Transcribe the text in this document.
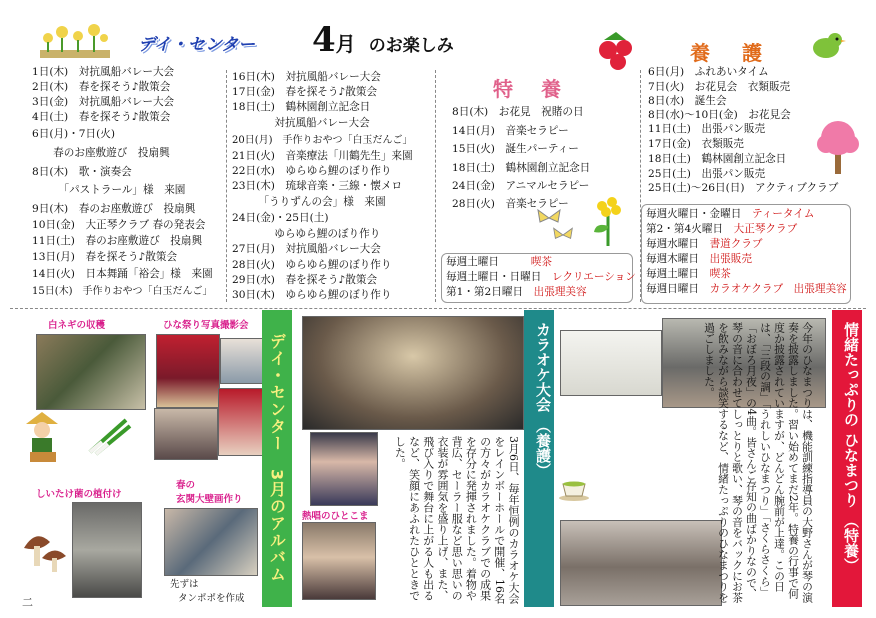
デイ・センター 4月 のお楽しみ	養　護
1日(木)　対抗風船バレー大会
2日(木)　春を探そう♪散策会
3日(金)　対抗風船バレー大会
4日(土)　春を探そう♪散策会
6日(月)・7日(火)
　　春のお座敷遊び　投扇興
8日(木)　歌・演奏会
　　　「パストラール」様　来園
9日(木)　春のお座敷遊び　投扇興
10日(金)　大正琴クラブ 春の発表会
11日(土)　春のお座敷遊び　投扇興
13日(月)　春を探そう♪散策会
14日(火)　日本舞踊「裕会」様　来園
15日(木)　手作りおやつ「白玉だんご」
16日(木)　対抗風船バレー大会
17日(金)　春を探そう♪散策会
18日(土)　鶴林園創立記念日
　　　　対抗風船バレー大会
20日(月)　手作りおやつ「白玉だんご」
21日(火)　音楽療法「川鶴先生」来園
22日(水)　ゆらゆら鯉のぼり作り
23日(木)　琉球音楽・三線・懐メロ
　　　「うりずんの会」様　来園
24日(金)・25日(土)
　　　　ゆらゆら鯉のぼり作り
27日(月)　対抗風船バレー大会
28日(火)　ゆらゆら鯉のぼり作り
29日(水)　春を探そう♪散策会
30日(木)　ゆらゆら鯉のぼり作り
特　養
8日(木)　お花見　祝賭の日
14日(月)　音楽セラピー
15日(火)　誕生パーティー
18日(土)　鶴林園創立記念日
24日(金)　アニマルセラピー
28日(火)　音楽セラピー
毎週土曜日　　　	喫茶
毎週土曜日・日曜日　 レクリエーション
第1・第2日曜日　 出張理美容
6日(月)　ふれあいタイム
7日(火)　お花見会　衣類販売
8日(水)　誕生会
8日(水)～10日(金)　お花見会
11日(土)　出張パン販売
17日(金)　衣類販売
18日(土)　鶴林園創立記念日
25日(土)　出張パン販売
25日(土)～26日(日)　アクティブクラブ
毎週火曜日・金曜日　 ティータイム
第2・第4火曜日　 大正琴クラブ
毎週水曜日　 書道クラブ
毎週木曜日　 出張販売
毎週土曜日　 喫茶
毎週日曜日　 カラオケクラブ　出張理美容
白ネギの収穫	ひな祭り写真撮影会
春の
玄関大壁画作り
しいたけ菌の植付け
先ずは
タンポポを作成
二
デイ・センター　3月のアルバム 熱唱のひとこま	3月6日、毎年恒例のカラオケ大会をレインボーホールで開催、16名の方々がカラオケクラブでの成果を存分に発揮されました。着物や背広、セーラー服など思い思いの衣装が雰囲気を盛り上げ、また、飛び入りで舞台に上がる人も出るなど、笑顔にあふれたひとときでした。
カラオケ大会（養護）	今年のひなまつりは、機能訓練指導員の大野さんが琴の演奏を披露しました。習い始めてまだ2年。特養の行事で何度か披露されていますが、どんどん腕前が上達。この日は、「三段の調」「うれしいひなまつり」「さくらさくら」「おぼろ月夜」の4曲。皆さんご存知の曲ばかりなので、琴の音に合わせてしっとりと歌い、琴の音をバックにお茶を飲みながら談笑するなど、情緒たっぷりのひなまつりを過ごしました。	情緒たっぷりの ひなまつり（特養）
